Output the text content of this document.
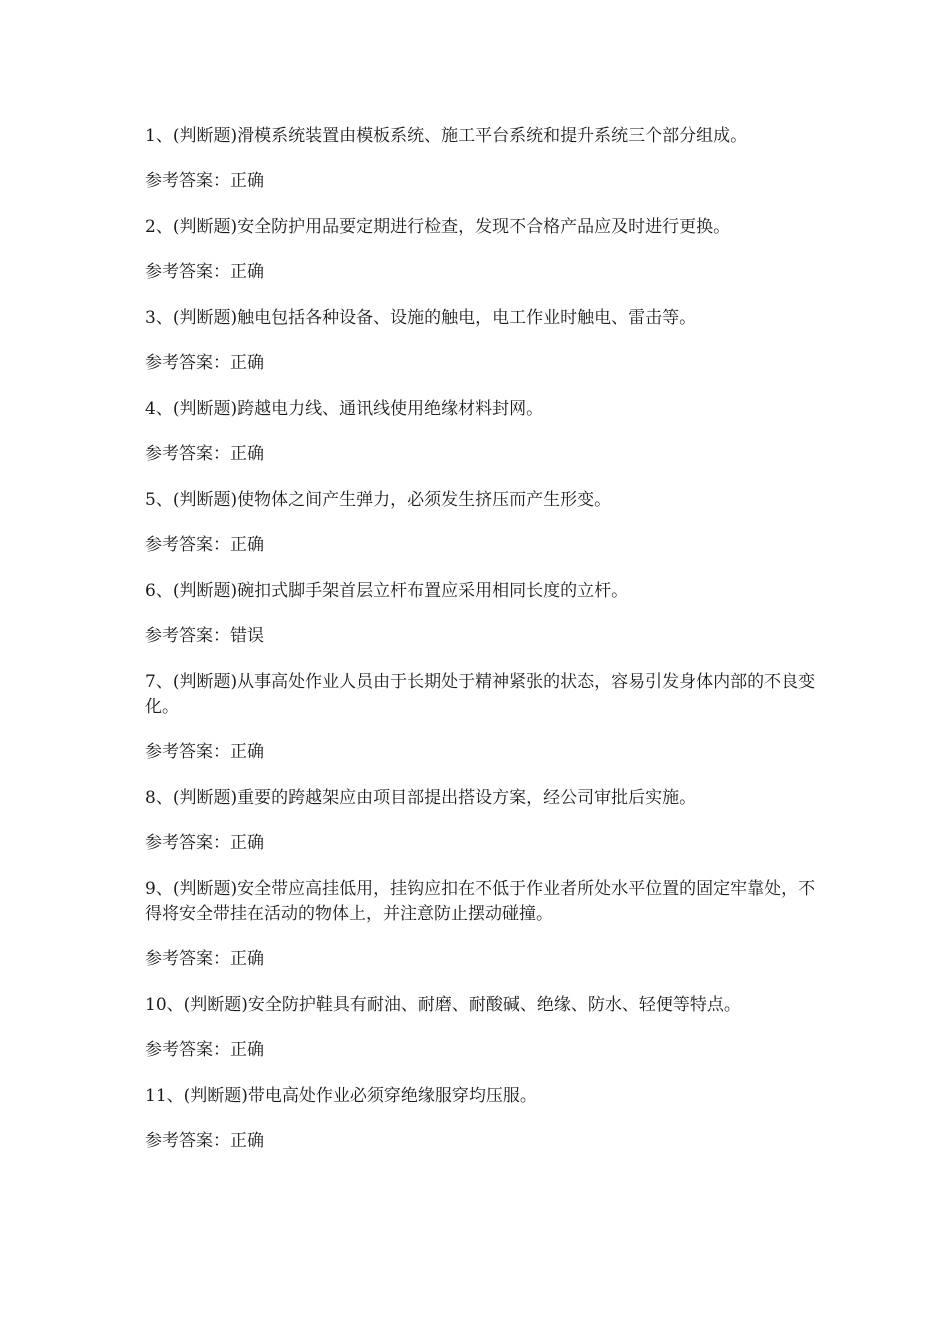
1、(判断题)滑模系统装置由模板系统、施工平台系统和提升系统三个部分组成。

参考答案：正确

2、(判断题)安全防护用品要定期进行检查，发现不合格产品应及时进行更换。

参考答案：正确

3、(判断题)触电包括各种设备、设施的触电，电工作业时触电、雷击等。

参考答案：正确

4、(判断题)跨越电力线、通讯线使用绝缘材料封网。

参考答案：正确

5、(判断题)使物体之间产生弹力，必须发生挤压而产生形变。

参考答案：正确

6、(判断题)碗扣式脚手架首层立杆布置应采用相同长度的立杆。

参考答案：错误

7、(判断题)从事高处作业人员由于长期处于精神紧张的状态，容易引发身体内部的不良变化。

参考答案：正确

8、(判断题)重要的跨越架应由项目部提出搭设方案，经公司审批后实施。

参考答案：正确

9、(判断题)安全带应高挂低用，挂钩应扣在不低于作业者所处水平位置的固定牢靠处，不得将安全带挂在活动的物体上，并注意防止摆动碰撞。

参考答案：正确

10、(判断题)安全防护鞋具有耐油、耐磨、耐酸碱、绝缘、防水、轻便等特点。

参考答案：正确

11、(判断题)带电高处作业必须穿绝缘服穿均压服。

参考答案：正确
